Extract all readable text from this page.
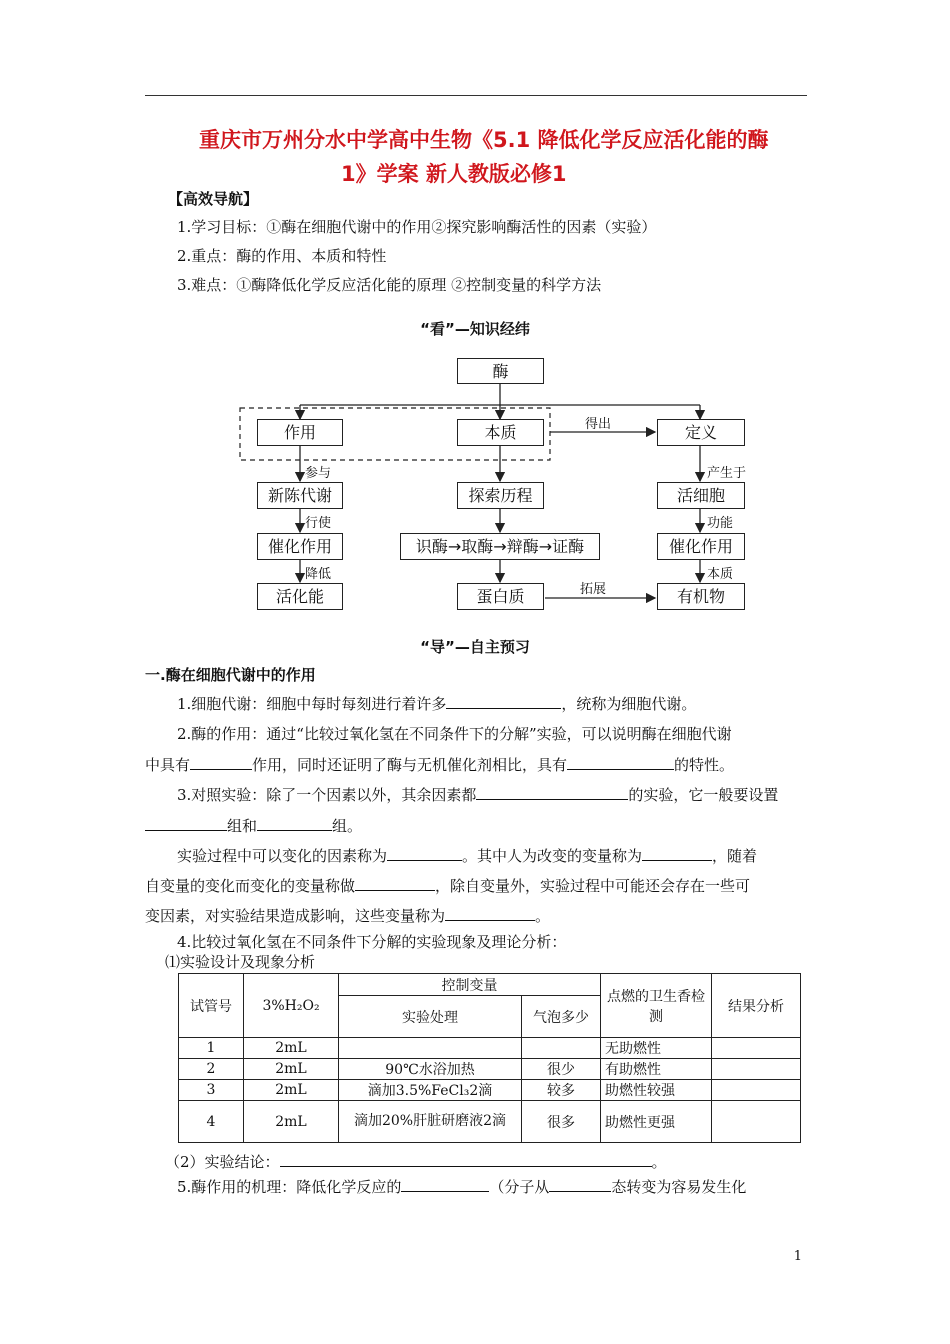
重庆市万州分水中学高中生物《5.1 降低化学反应活化能的酶
1》学案 新人教版必修1
【高效导航】
1.学习目标：①酶在细胞代谢中的作用②探究影响酶活性的因素（实验）
2.重点：酶的作用、本质和特性
3.难点：①酶降低化学反应活化能的原理 ②控制变量的科学方法
“看”—知识经纬
酶
作用	本质	定义
新陈代谢	探索历程	活细胞
催化作用	识酶→取酶→辩酶→证酶	催化作用
活化能	蛋白质	有机物
参与
行使
降低
产生于
功能
本质
得出
拓展
“导”—自主预习
一.酶在细胞代谢中的作用
1.细胞代谢：细胞中每时每刻进行着许多	，统称为细胞代谢。
2.酶的作用：通过“比较过氧化氢在不同条件下的分解”实验，可以说明酶在细胞代谢
中具有	作用，同时还证明了酶与无机催化剂相比，具有	的特性。
3.对照实验：除了一个因素以外，其余因素都	的实验，它一般要设置
组和	组。
实验过程中可以变化的因素称为	。其中人为改变的变量称为	，随着
自变量的变化而变化的变量称做	，除自变量外，实验过程中可能还会存在一些可
变因素，对实验结果造成影响，这些变量称为	。
4.比较过氧化氢在不同条件下分解的实验现象及理论分析：
⑴实验设计及现象分析
试管号	3%H₂O₂	控制变量		点燃的卫生香检测	结果分析
		实验处理	气泡多少		
1	2mL			无助燃性	
2	2mL	90℃水浴加热	很少	有助燃性	
3	2mL	滴加3.5%FeCl₃2滴	较多	助燃性较强	
4	2mL	滴加20%肝脏研磨液2滴	很多	助燃性更强	
（2）实验结论：	。
5.酶作用的机理：降低化学反应的	（分子从	态转变为容易发生化
1
